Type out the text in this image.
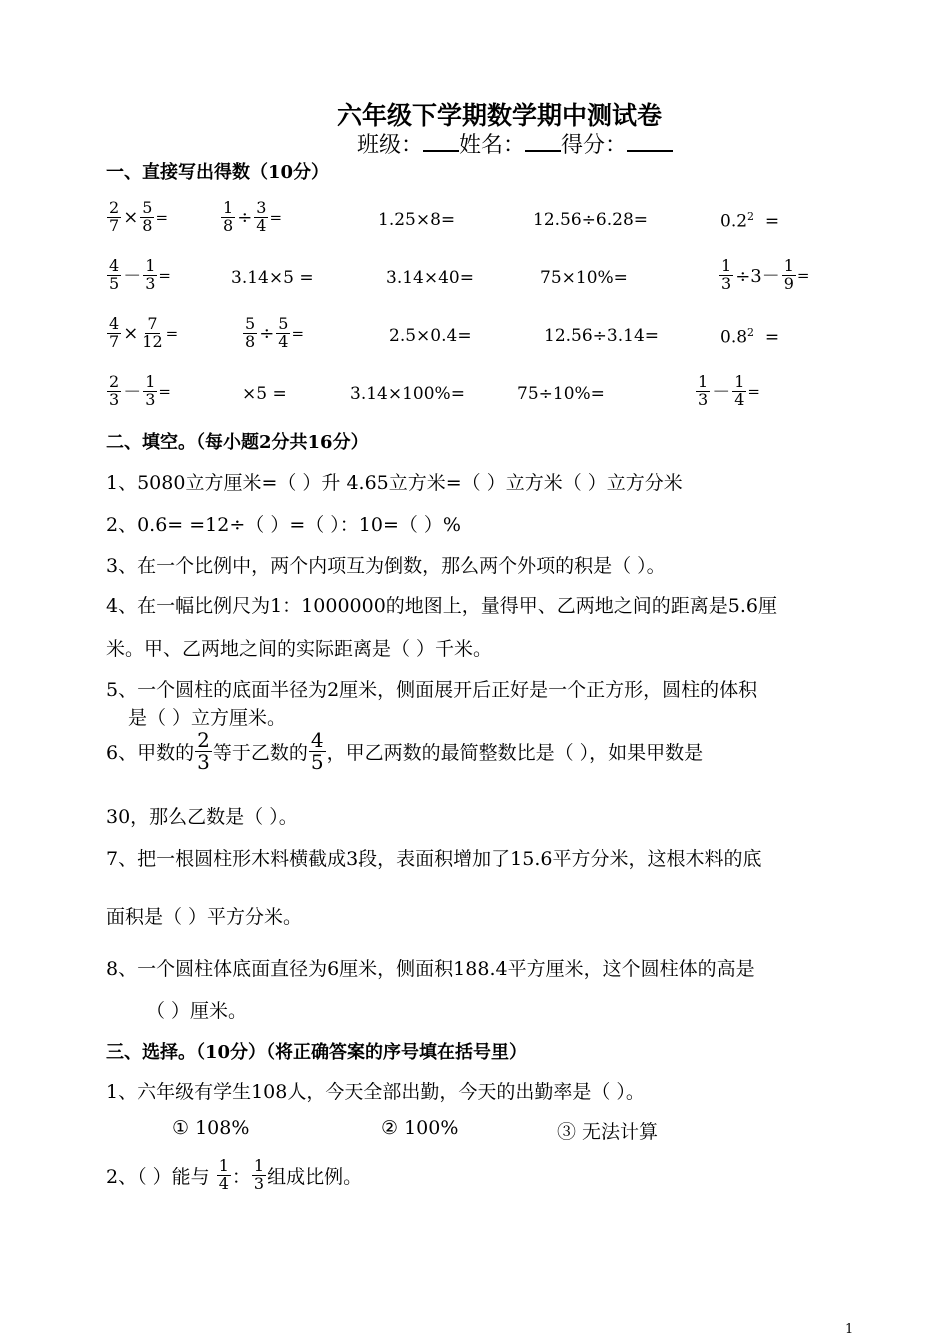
六年级下学期数学期中测试卷
班级： 姓名： 得分：
一、直接写出得数（10分）
$\frac{2}{7} \times \frac{5}{8}$ =	$\frac{1}{8} \div \frac{3}{4}$ =	1.25×8=	12.56÷6.28=	$0.2^2$ =
$\frac{4}{5} - \frac{1}{3}$ =	3.14×5 =	3.14×40=	75×10%=	$\frac{1}{3} \div 3- \frac{1}{9}$ =
$\frac{4}{7} \times \frac{7}{12}$ =	$\frac{5}{8} \div \frac{5}{4}$ =	2.5×0.4=	12.56÷3.14=	$0.8^2$ =
$\frac{2}{3} - \frac{1}{3}$ =	×5 =	3.14×100%=	75÷10%=	$\frac{1}{3} - \frac{1}{4}$ =
二、填空。（每小题2分共16分）
1、5080立方厘米=（ ）升 4.65立方米=（ ）立方米（ ）立方分米
2、0.6= =12÷（ ）=（ ）：10=（ ）%
3、在一个比例中，两个内项互为倒数，那么两个外项的积是（ ）。
4、在一幅比例尺为1：1000000的地图上，量得甲、乙两地之间的距离是5.6厘
米。甲、乙两地之间的实际距离是（ ）千米。
5、一个圆柱的底面半径为2厘米，侧面展开后正好是一个正方形，圆柱的体积
是（ ）立方厘米。
6、甲数的 $\frac{2}{3}$ 等于乙数的 $\frac{4}{5}$ ，甲乙两数的最简整数比是（ ），如果甲数是
30，那么乙数是（ ）。
7、把一根圆柱形木料横截成3段，表面积增加了15.6平方分米，这根木料的底
面积是（ ）平方分米。
8、一个圆柱体底面直径为6厘米，侧面积188.4平方厘米，这个圆柱体的高是
（ ）厘米。
三、选择。（10分）（将正确答案的序号填在括号里）
1、六年级有学生108人，今天全部出勤，今天的出勤率是（ ）。
① 108%	② 100%	③ 无法计算
2、（ ）能与 $\frac{1}{4}$ ： $\frac{1}{3}$ 组成比例。
1
